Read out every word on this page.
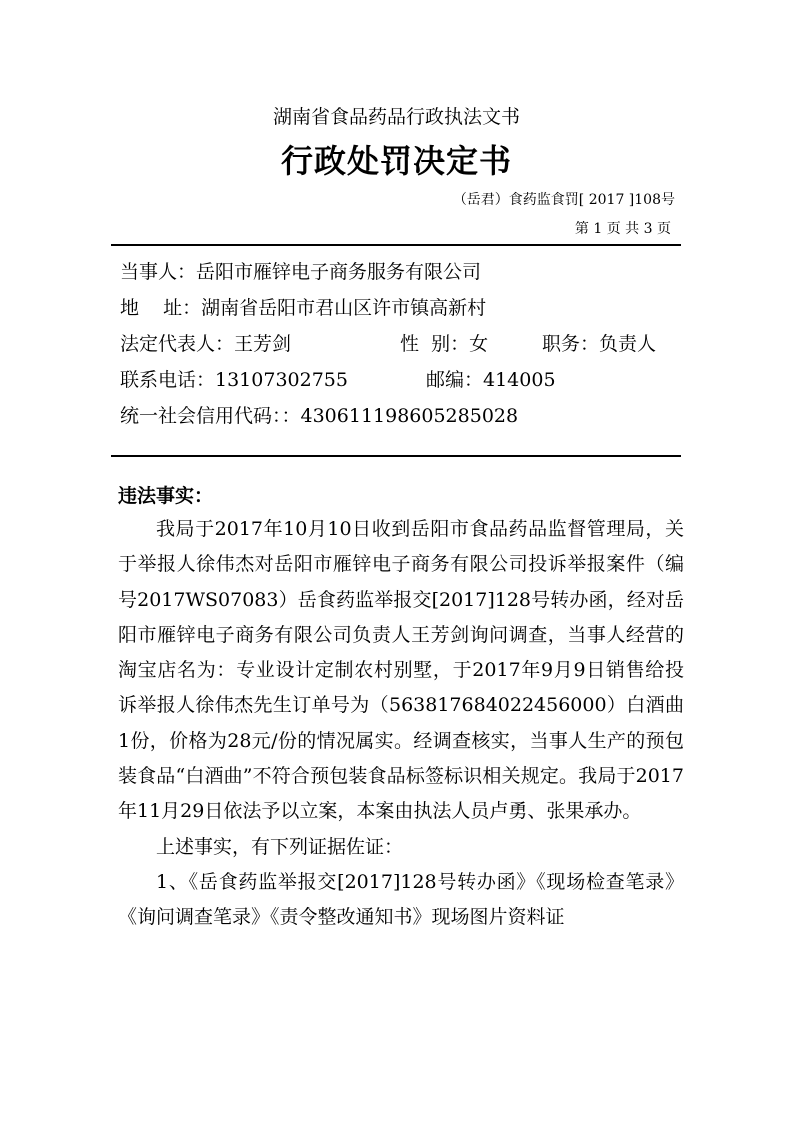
湖南省食品药品行政执法文书
行政处罚决定书
（岳君）食药监食罚[ 2017 ]108号
第 1 页 共 3 页
当事人：岳阳市雁锌电子商务服务有限公司
地    址：湖南省岳阳市君山区许市镇高新村
法定代表人：王芳剑	性  别：女	职务：负责人
联系电话：13107302755	邮编：414005
统一社会信用代码：：430611198605285028
违法事实：

我局于2017年10月10日收到岳阳市食品药品监督管理局，关于举报人徐伟杰对岳阳市雁锌电子商务有限公司投诉举报案件（编号2017WS07083）岳食药监举报交[2017]128号转办函，经对岳阳市雁锌电子商务有限公司负责人王芳剑询问调查，当事人经营的淘宝店名为：专业设计定制农村别墅，于2017年9月9日销售给投诉举报人徐伟杰先生订单号为（563817684022456000）白酒曲1份，价格为28元/份的情况属实。经调查核实，当事人生产的预包装食品“白酒曲”不符合预包装食品标签标识相关规定。我局于2017年11月29日依法予以立案，本案由执法人员卢勇、张果承办。

上述事实，有下列证据佐证：

1、《岳食药监举报交[2017]128号转办函》《现场检查笔录》《询问调查笔录》《责令整改通知书》现场图片资料证
